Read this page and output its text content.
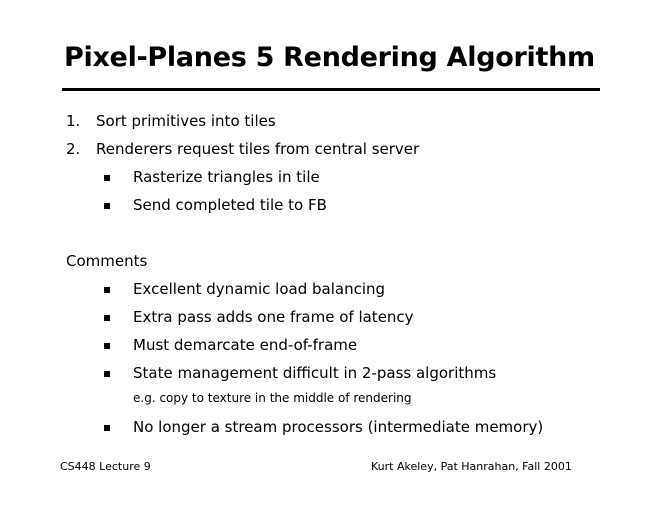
Pixel-Planes 5 Rendering Algorithm
1. Sort primitives into tiles
2. Renderers request tiles from central server
Rasterize triangles in tile
Send completed tile to FB
Comments
Excellent dynamic load balancing
Extra pass adds one frame of latency
Must demarcate end-of-frame
State management difficult in 2-pass algorithms
e.g. copy to texture in the middle of rendering
No longer a stream processors (intermediate memory)
CS448 Lecture 9	Kurt Akeley, Pat Hanrahan, Fall 2001
